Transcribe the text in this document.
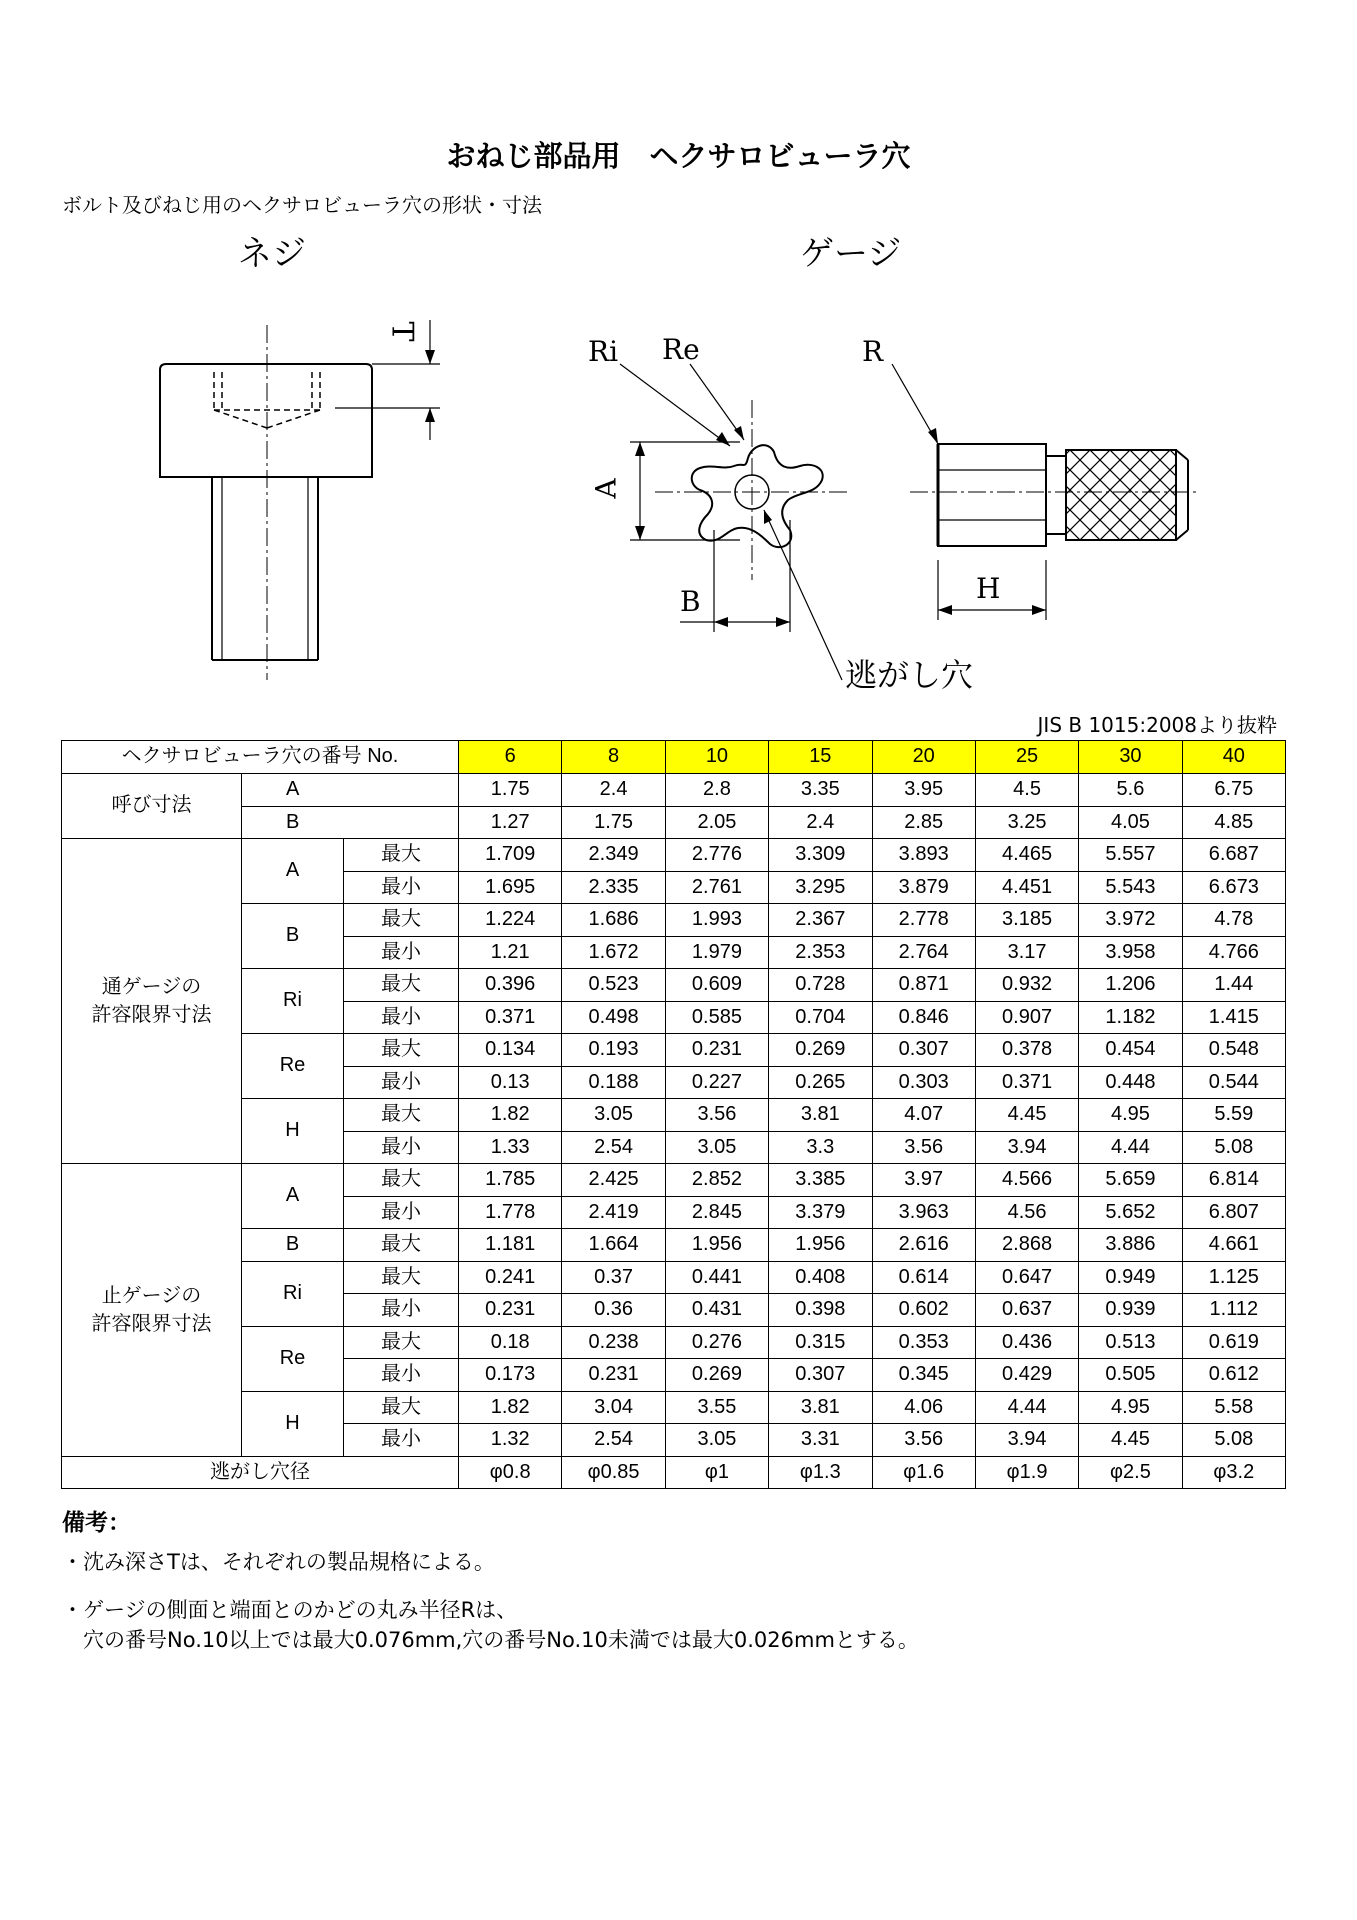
おねじ部品用　ヘクサロビューラ穴
ボルト及びねじ用のヘクサロビューラ穴の形状・寸法
ネジ	ゲージ
T
Ri Re	R
A
B	H
逃がし穴
JIS B 1015:2008より抜粋
ヘクサロビューラ穴の番号 No.			6	8	10	15	20	25	30	40
呼び寸法	A		1.75	2.4	2.8	3.35	3.95	4.5	5.6	6.75
	B		1.27	1.75	2.05	2.4	2.85	3.25	4.05	4.85

通ゲージの
許容限界寸法	A	最大	1.709	2.349	2.776	3.309	3.893	4.465	5.557	6.687
		最小	1.695	2.335	2.761	3.295	3.879	4.451	5.543	6.673
	B	最大	1.224	1.686	1.993	2.367	2.778	3.185	3.972	4.78
		最小	1.21	1.672	1.979	2.353	2.764	3.17	3.958	4.766
	Ri	最大	0.396	0.523	0.609	0.728	0.871	0.932	1.206	1.44
		最小	0.371	0.498	0.585	0.704	0.846	0.907	1.182	1.415
	Re	最大	0.134	0.193	0.231	0.269	0.307	0.378	0.454	0.548
		最小	0.13	0.188	0.227	0.265	0.303	0.371	0.448	0.544
	H	最大	1.82	3.05	3.56	3.81	4.07	4.45	4.95	5.59
		最小	1.33	2.54	3.05	3.3	3.56	3.94	4.44	5.08

止ゲージの
許容限界寸法	A	最大	1.785	2.425	2.852	3.385	3.97	4.566	5.659	6.814
		最小	1.778	2.419	2.845	3.379	3.963	4.56	5.652	6.807
	B	最大	1.181	1.664	1.956	1.956	2.616	2.868	3.886	4.661
	Ri	最大	0.241	0.37	0.441	0.408	0.614	0.647	0.949	1.125
		最小	0.231	0.36	0.431	0.398	0.602	0.637	0.939	1.112
	Re	最大	0.18	0.238	0.276	0.315	0.353	0.436	0.513	0.619
		最小	0.173	0.231	0.269	0.307	0.345	0.429	0.505	0.612
	H	最大	1.82	3.04	3.55	3.81	4.06	4.44	4.95	5.58
		最小	1.32	2.54	3.05	3.31	3.56	3.94	4.45	5.08
逃がし穴径			φ0.8	φ0.85	φ1	φ1.3	φ1.6	φ1.9	φ2.5	φ3.2
備考：
・沈み深さTは、それぞれの製品規格による。
・ゲージの側面と端面とのかどの丸み半径Rは、
　穴の番号No.10以上では最大0.076mm,穴の番号No.10未満では最大0.026mmとする。
